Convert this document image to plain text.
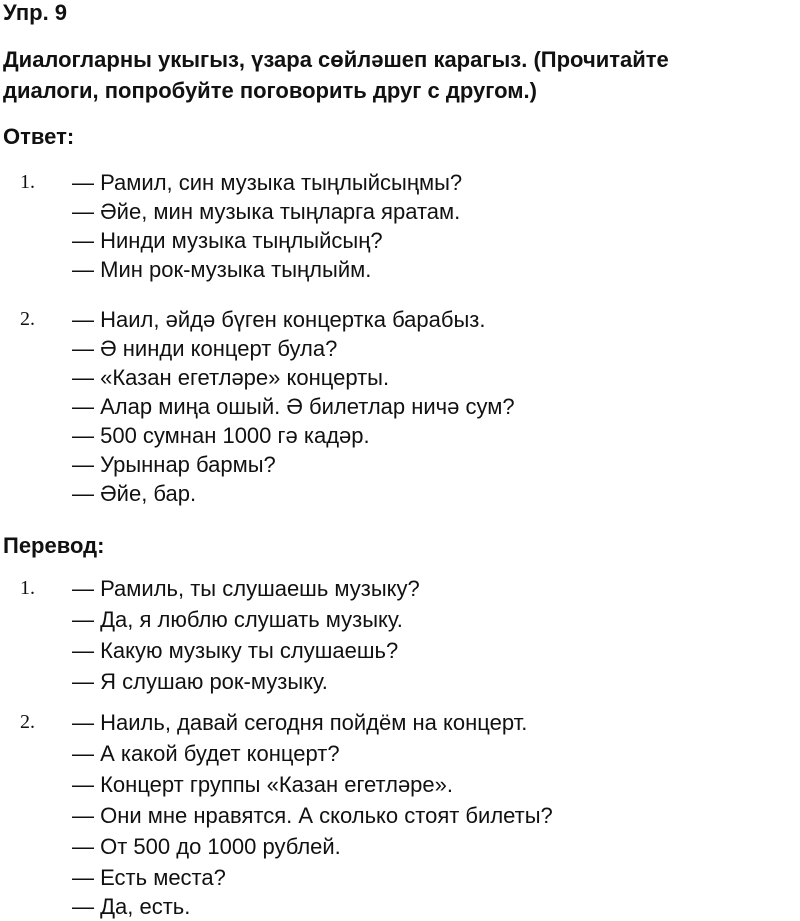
Упр. 9
Диалогларны укыгыз, үзара сөйләшеп карагыз. (Прочитайте
диалоги, попробуйте поговорить друг с другом.)
Ответ:
1. — Рамил, син музыка тыңлыйсыңмы?
— Әйе, мин музыка тыңларга яратам.
— Нинди музыка тыңлыйсың?
— Мин рок-музыка тыңлыйм.
2. — Наил, әйдә бүген концертка барабыз.
— Ә нинди концерт була?
— «Казан егетләре» концерты.
— Алар миңа ошый. Ә билетлар ничә сум?
— 500 сумнан 1000 гә кадәр.
— Урыннар бармы?
— Әйе, бар.
Перевод:
1. — Рамиль, ты слушаешь музыку?
— Да, я люблю слушать музыку.
— Какую музыку ты слушаешь?
— Я слушаю рок-музыку.
2. — Наиль, давай сегодня пойдём на концерт.
— А какой будет концерт?
— Концерт группы «Казан егетләре».
— Они мне нравятся. А сколько стоят билеты?
— От 500 до 1000 рублей.
— Есть места?
— Да, есть.
